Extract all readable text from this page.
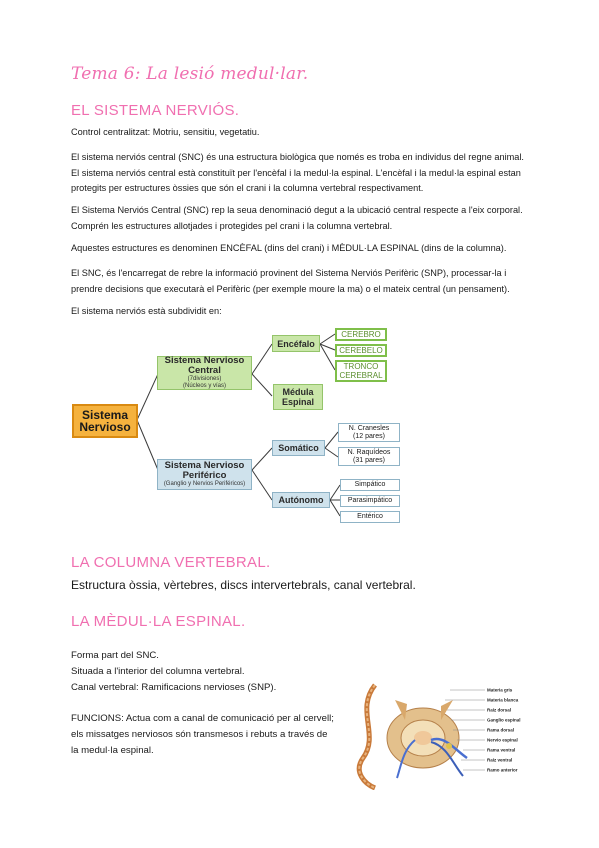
Tema 6: La lesió medul·lar.
EL SISTEMA NERVIÓS.
Control centralitzat: Motriu, sensitiu, vegetatiu.
El sistema nerviós central (SNC) és una estructura biològica que només es troba en individus del regne animal. El sistema nerviós central està constituït per l'encèfal i la medul·la espinal. L'encèfal i la medul·la espinal estan protegits per estructures òssies que són el crani i la columna vertebral respectivament.
El Sistema Nerviós Central (SNC) rep la seua denominació degut a la ubicació central respecte a l'eix corporal. Comprén les estructures allotjades i protegides pel crani i la columna vertebral.
Aquestes estructures es denominen ENCÈFAL (dins del crani) i MÈDUL·LA ESPINAL (dins de la columna).
El SNC, és l'encarregat de rebre la informació provinent del Sistema Nerviós Perifèric (SNP), processar-la i prendre decisions que executarà el Perifèric (per exemple moure la ma) o el mateix central (un pensament).
El sistema nerviós està subdividit en:
Sistema Nervioso
Sistema Nervioso Central
(7divisiones)
(Núcleos y vías)
Sistema Nervioso Periférico
(Ganglio y Nervios Periféricos)
Encéfalo
Médula Espinal
CEREBRO
CEREBELO
TRONCO CEREBRAL
Somático
Autónomo
N. Cranesles
(12 pares)
N. Raquídeos
(31 pares)
Simpático
Parasimpático
Entérico
LA COLUMNA VERTEBRAL.
Estructura òssia, vèrtebres, discs intervertebrals, canal vertebral.
LA MÈDUL·LA ESPINAL.
Forma part del SNC.
Situada a l'interior del columna vertebral.
Canal vertebral: Ramificacions nervioses (SNP).
FUNCIONS: Actua com a canal de comunicació per al cervell;
els missatges nerviosos són transmesos i rebuts a través de
la medul·la espinal.
Materia gris
Materia blanca
Raíz dorsal
Ganglio espinal
Rama dorsal
Nervio espinal
Rama ventral
Raíz ventral
Ramo anterior
